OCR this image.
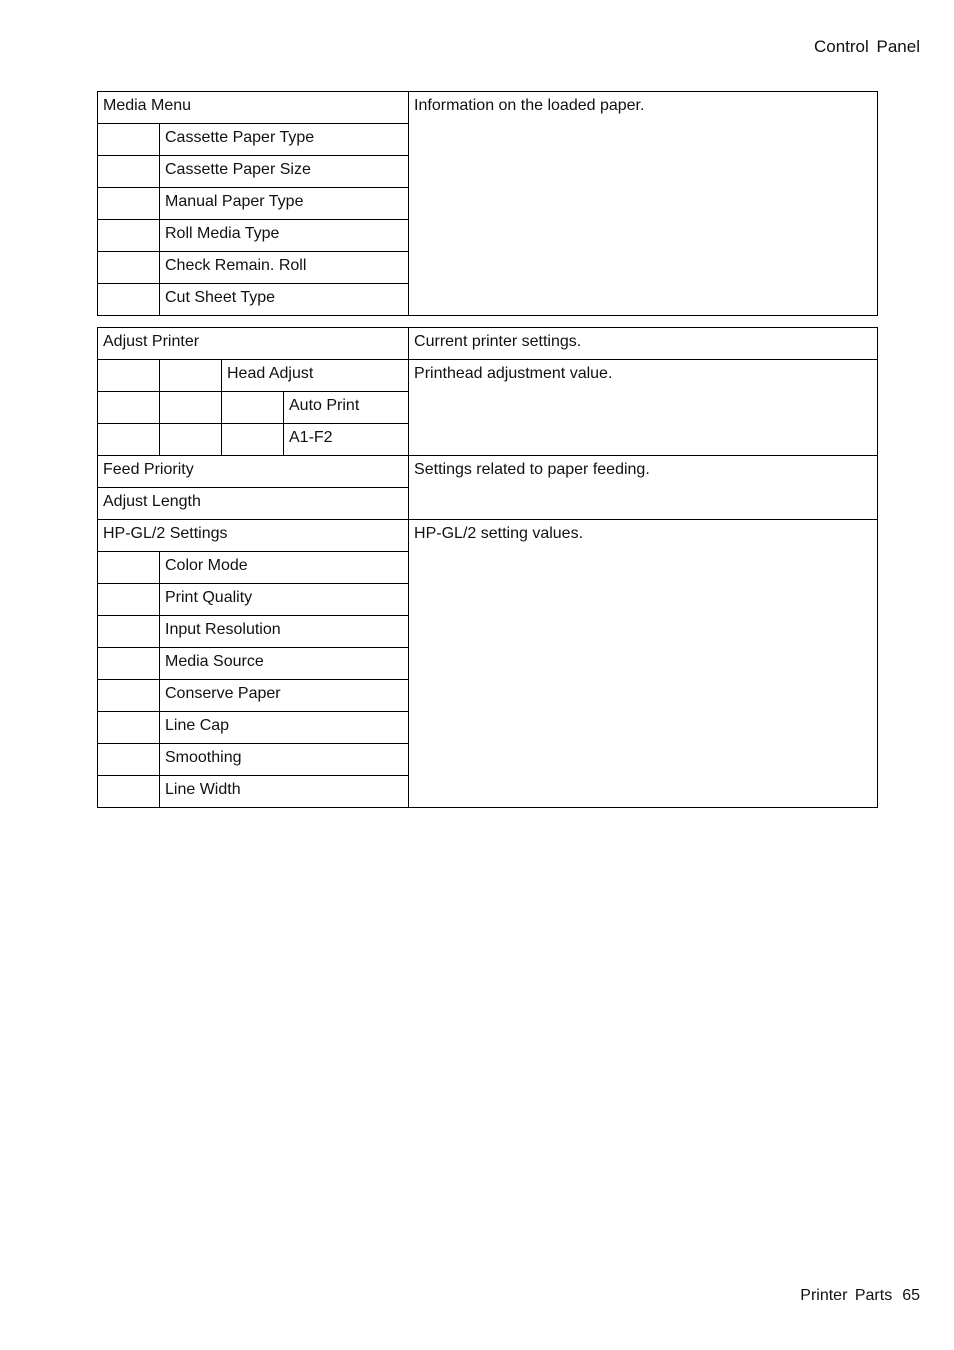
Control Panel
Media Menu		Information on the loaded paper.
	Cassette Paper Type	
	Cassette Paper Size	
	Manual Paper Type	
	Roll Media Type	
	Check Remain. Roll	
	Cut Sheet Type	
Adjust Printer				Current printer settings.
		Head Adjust		Printhead adjustment value.
			Auto Print	
			A1-F2	
Feed Priority				Settings related to paper feeding.
Adjust Length				
HP-GL/2 Settings				HP-GL/2 setting values.
	Color Mode			
	Print Quality			
	Input Resolution			
	Media Source			
	Conserve Paper			
	Line Cap			
	Smoothing			
	Line Width			
Printer Parts 65
